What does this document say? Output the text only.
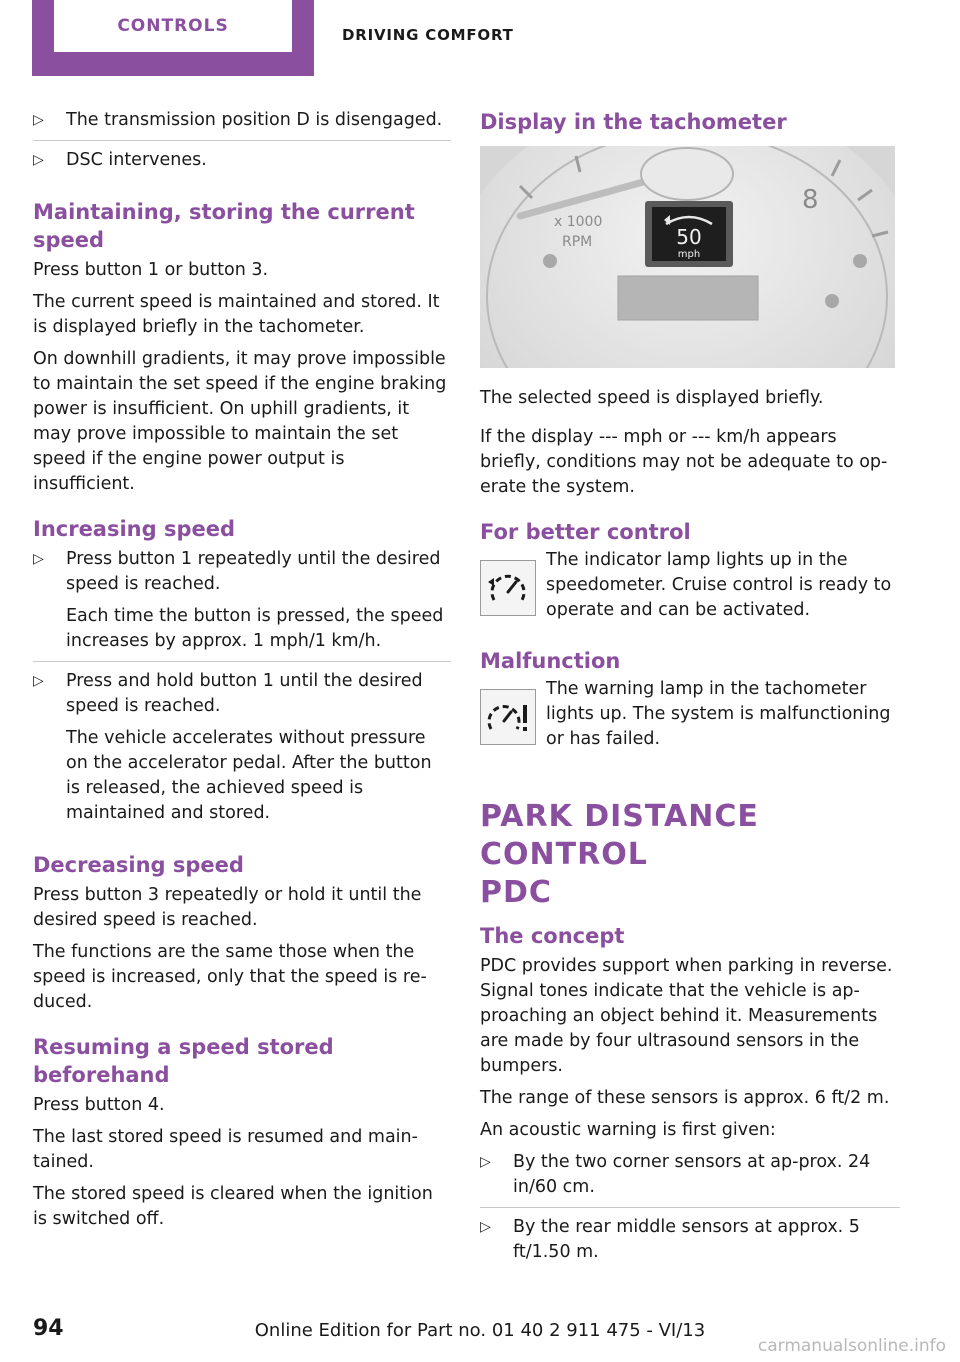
CONTROLS	DRIVING COMFORT
▷ The transmission position D is disengaged.
▷ DSC intervenes.
Maintaining, storing the current speed
Press button 1 or button 3.
The current speed is maintained and stored. It is displayed briefly in the tachometer.
On downhill gradients, it may prove impossible to maintain the set speed if the engine braking power is insufficient. On uphill gradients, it may prove impossible to maintain the set speed if the engine power output is insufficient.
Increasing speed
▷ Press button 1 repeatedly until the desired speed is reached.
Each time the button is pressed, the speed increases by approx. 1 mph/1 km/h.
▷ Press and hold button 1 until the desired speed is reached.
The vehicle accelerates without pressure on the accelerator pedal. After the button is released, the achieved speed is maintained and stored.
Decreasing speed
Press button 3 repeatedly or hold it until the desired speed is reached.
The functions are the same those when the speed is increased, only that the speed is re-duced.
Resuming a speed stored beforehand
Press button 4.
The last stored speed is resumed and main-tained.
The stored speed is cleared when the ignition is switched off.
Display in the tachometer
8
x 1000
RPM	50
mph
The selected speed is displayed briefly.
If the display --- mph or --- km/h appears briefly, conditions may not be adequate to op-erate the system.
For better control
The indicator lamp lights up in the speedometer. Cruise control is ready to operate and can be activated.
Malfunction
The warning lamp in the tachometer lights up. The system is malfunctioning or has failed.
PARK DISTANCE CONTROL
PDC
The concept
PDC provides support when parking in reverse. Signal tones indicate that the vehicle is ap-proaching an object behind it. Measurements are made by four ultrasound sensors in the bumpers.
The range of these sensors is approx. 6 ft/2 m.
An acoustic warning is first given:
▷ By the two corner sensors at ap-prox. 24 in/60 cm.
▷ By the rear middle sensors at approx. 5 ft/1.50 m.
94	Online Edition for Part no. 01 40 2 911 475 - VI/13
carmanualsonline.info
